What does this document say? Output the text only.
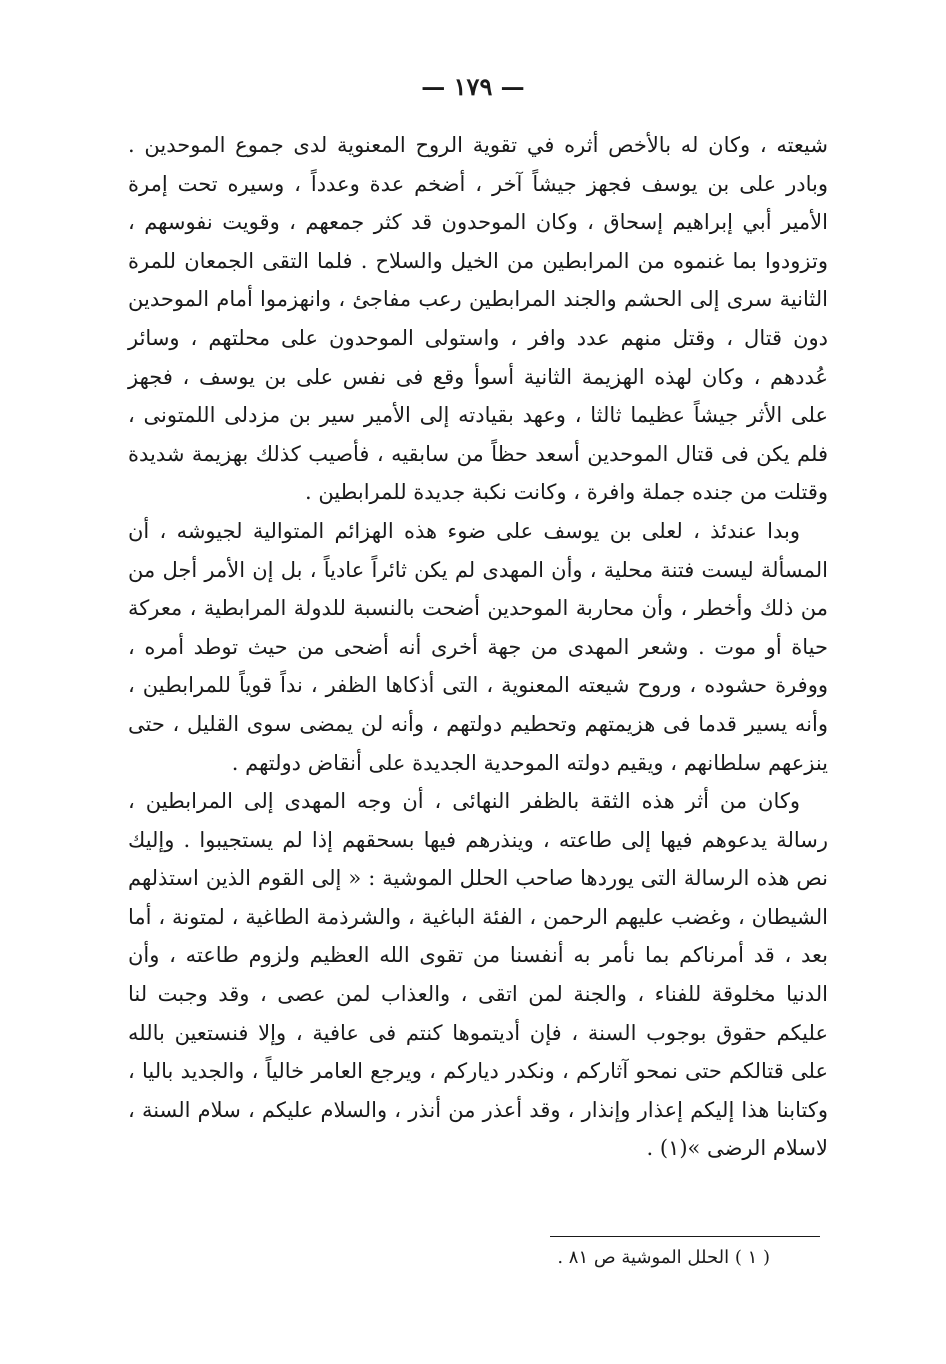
— ١٧٩ —

شيعته ، وكان له بالأخص أثره في تقوية الروح المعنوية لدى جموع الموحدين . وبادر على بن يوسف فجهز جيشاً آخر ، أضخم عدة وعدداً ، وسيره تحت إمرة الأمير أبي إبراهيم إسحاق ، وكان الموحدون قد كثر جمعهم ، وقويت نفوسهم ، وتزودوا بما غنموه من المرابطين من الخيل والسلاح . فلما التقى الجمعان للمرة الثانية سرى إلى الحشم والجند المرابطين رعب مفاجئ ، وانهزموا أمام الموحدين دون قتال ، وقتل منهم عدد وافر ، واستولى الموحدون على محلتهم ، وسائر عُددهم ، وكان لهذه الهزيمة الثانية أسوأ وقع فى نفس على بن يوسف ، فجهز على الأثر جيشاً عظيما ثالثا ، وعهد بقيادته إلى الأمير سير بن مزدلى اللمتونى ، فلم يكن فى قتال الموحدين أسعد حظاً من سابقيه ، فأصيب كذلك بهزيمة شديدة وقتلت من جنده جملة وافرة ، وكانت نكبة جديدة للمرابطين .

وبدا عندئذ ، لعلى بن يوسف على ضوء هذه الهزائم المتوالية لجيوشه ، أن المسألة ليست فتنة محلية ، وأن المهدى لم يكن ثائراً عادياً ، بل إن الأمر أجل من من ذلك وأخطر ، وأن محاربة الموحدين أضحت بالنسبة للدولة المرابطية ، معركة حياة أو موت . وشعر المهدى من جهة أخرى أنه أضحى من حيث توطد أمره ، ووفرة حشوده ، وروح شيعته المعنوية ، التى أذكاها الظفر ، نداً قوياً للمرابطين ، وأنه يسير قدما فى هزيمتهم وتحطيم دولتهم ، وأنه لن يمضى سوى القليل ، حتى ينزعهم سلطانهم ، ويقيم دولته الموحدية الجديدة على أنقاض دولتهم .

وكان من أثر هذه الثقة بالظفر النهائى ، أن وجه المهدى إلى المرابطين ، رسالة يدعوهم فيها إلى طاعته ، وينذرهم فيها بسحقهم إذا لم يستجيبوا . وإليك نص هذه الرسالة التى يوردها صاحب الحلل الموشية : « إلى القوم الذين استذلهم الشيطان ، وغضب عليهم الرحمن ، الفئة الباغية ، والشرذمة الطاغية ، لمتونة ، أما بعد ، قد أمرناكم بما نأمر به أنفسنا من تقوى الله العظيم ولزوم طاعته ، وأن الدنيا مخلوقة للفناء ، والجنة لمن اتقى ، والعذاب لمن عصى ، وقد وجبت لنا عليكم حقوق بوجوب السنة ، فإن أديتموها كنتم فى عافية ، وإلا فنستعين بالله على قتالكم حتى نمحو آثاركم ، ونكدر دياركم ، ويرجع العامر خالياً ، والجديد باليا ، وكتابنا هذا إليكم إعذار وإنذار ، وقد أعذر من أنذر ، والسلام عليكم ، سلام السنة ، لاسلام الرضى »(١) .

( ١ ) الحلل الموشية ص ٨١ .
